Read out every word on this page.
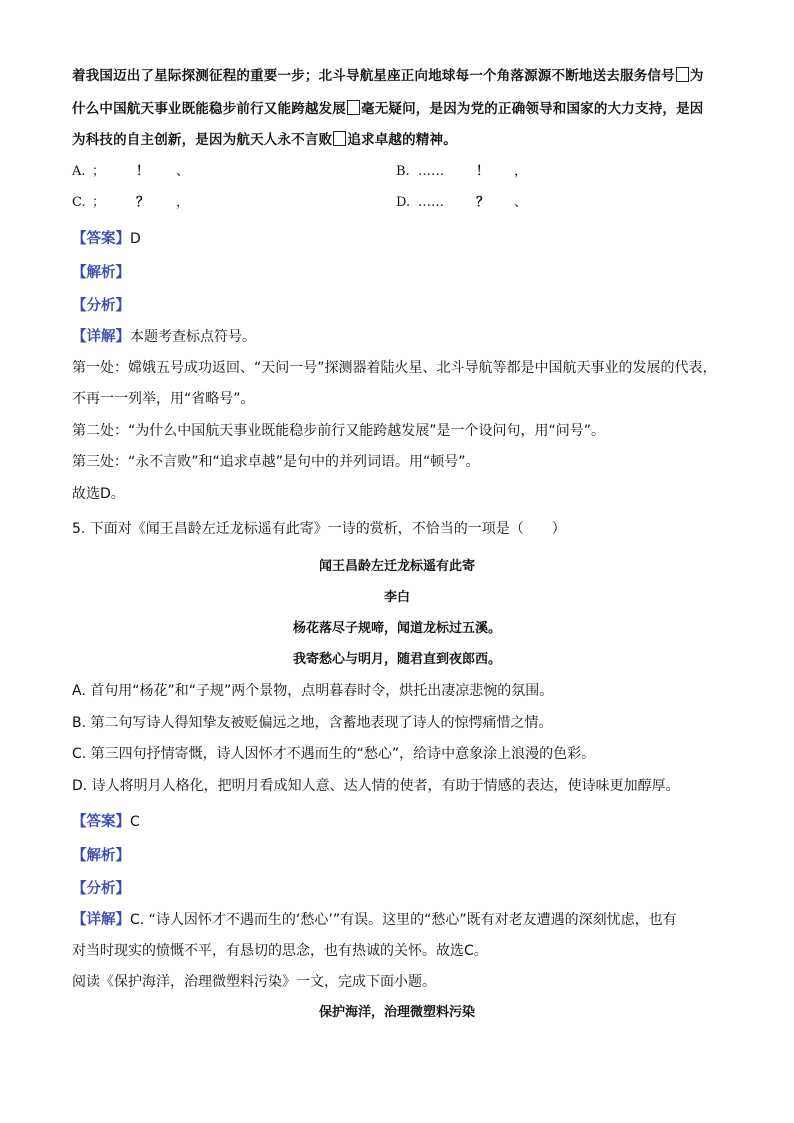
着我国迈出了星际探测征程的重要一步；北斗导航星座正向地球每一个角落源源不断地送去服务信号 为
什么中国航天事业既能稳步前行又能跨越发展 毫无疑问，是因为党的正确领导和国家的大力支持，是因
为科技的自主创新，是因为航天人永不言败 追求卓越的精神。
A. ； ！ 、	B. …… ！ ，
C. ； ？ ，	D. …… ？ 、
【答案】D
【解析】
【分析】
【详解】本题考查标点符号。
第一处：嫦娥五号成功返回、“天问一号”探测器着陆火星、北斗导航等都是中国航天事业的发展的代表，
不再一一列举，用“省略号”。
第二处：“为什么中国航天事业既能稳步前行又能跨越发展”是一个设问句，用“问号”。
第三处：“永不言败”和“追求卓越”是句中的并列词语。用“顿号”。
故选D。
5. 下面对《闻王昌龄左迁龙标遥有此寄》一诗的赏析，不恰当的一项是（　　）
闻王昌龄左迁龙标遥有此寄
李白
杨花落尽子规啼，闻道龙标过五溪。
我寄愁心与明月，随君直到夜郎西。
A. 首句用“杨花”和“子规”两个景物，点明暮春时令，烘托出凄凉悲惋的氛围。
B. 第二句写诗人得知挚友被贬偏远之地，含蓄地表现了诗人的惊愕痛惜之情。
C. 第三四句抒情寄慨，诗人因怀才不遇而生的“愁心”，给诗中意象涂上浪漫的色彩。
D. 诗人将明月人格化，把明月看成知人意、达人情的使者，有助于情感的表达，使诗味更加醇厚。
【答案】C
【解析】
【分析】
【详解】C. “诗人因怀才不遇而生的‘愁心’”有误。这里的“愁心”既有对老友遭遇的深刻忧虑，也有
对当时现实的愤慨不平，有恳切的思念，也有热诚的关怀。故选C。
阅读《保护海洋，治理微塑料污染》一文，完成下面小题。
保护海洋，治理微塑料污染
